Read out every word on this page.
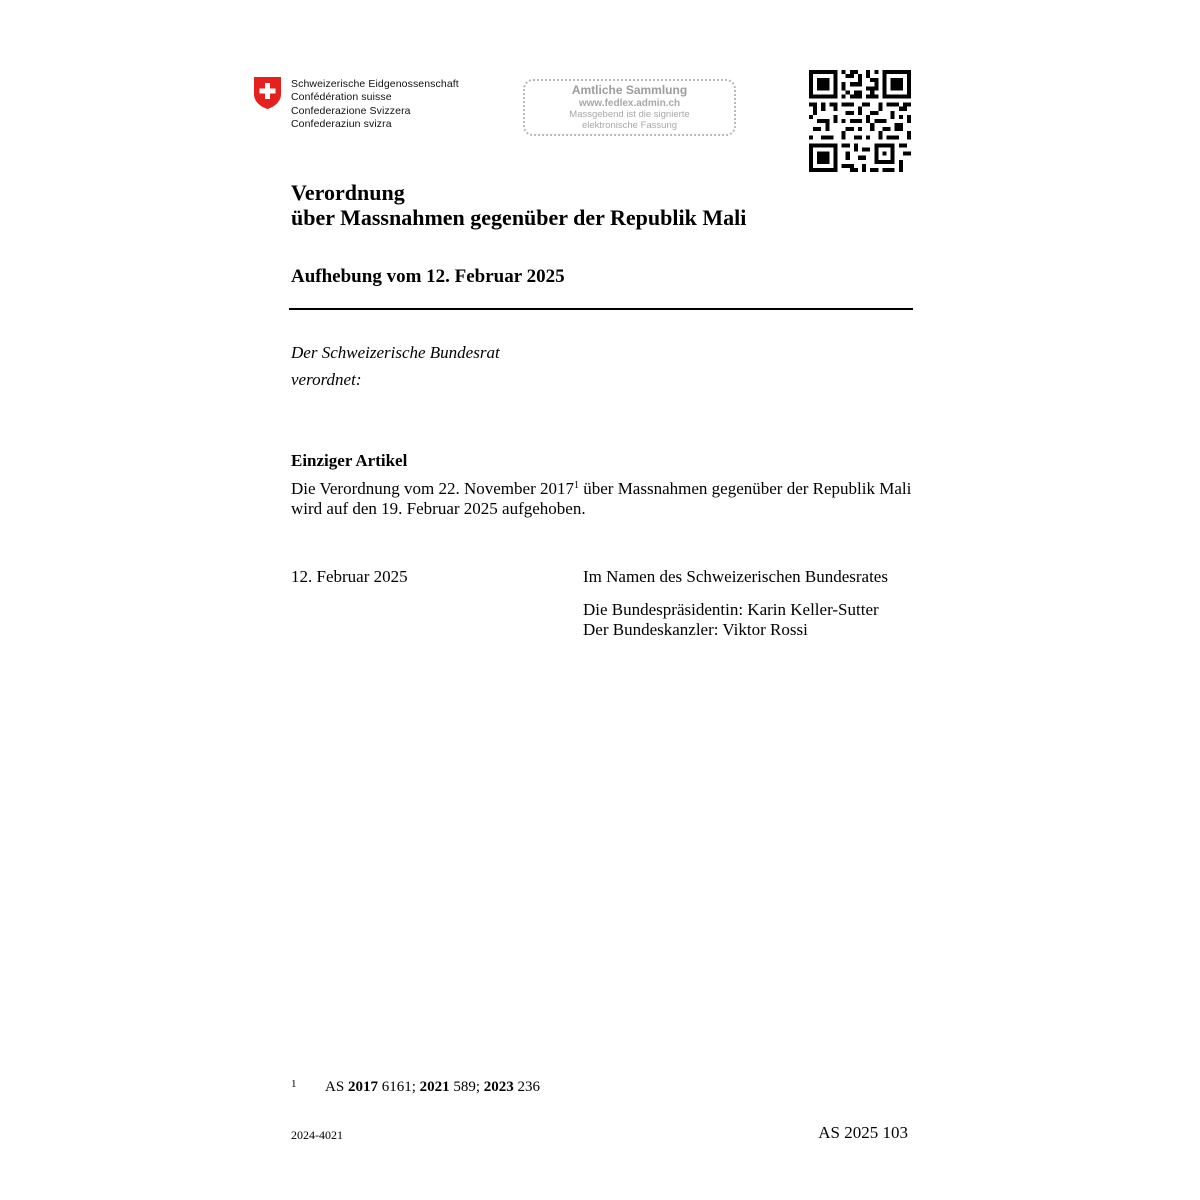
Schweizerische Eidgenossenschaft
Confédération suisse
Confederazione Svizzera
Confederaziun svizra
Amtliche Sammlung
www.fedlex.admin.ch
Massgebend ist die signierte
elektronische Fassung
Verordnung
über Massnahmen gegenüber der Republik Mali
Aufhebung vom 12. Februar 2025
Der Schweizerische Bundesrat
verordnet:
Einziger Artikel
Die Verordnung vom 22. November 2017$^1$ über Massnahmen gegenüber der Republik Mali wird auf den 19. Februar 2025 aufgehoben.
12. Februar 2025	Im Namen des Schweizerischen Bundesrates
Die Bundespräsidentin: Karin Keller-Sutter
Der Bundeskanzler: Viktor Rossi
1 AS 2017 6161; 2021 589; 2023 236
2024-4021	AS 2025 103
